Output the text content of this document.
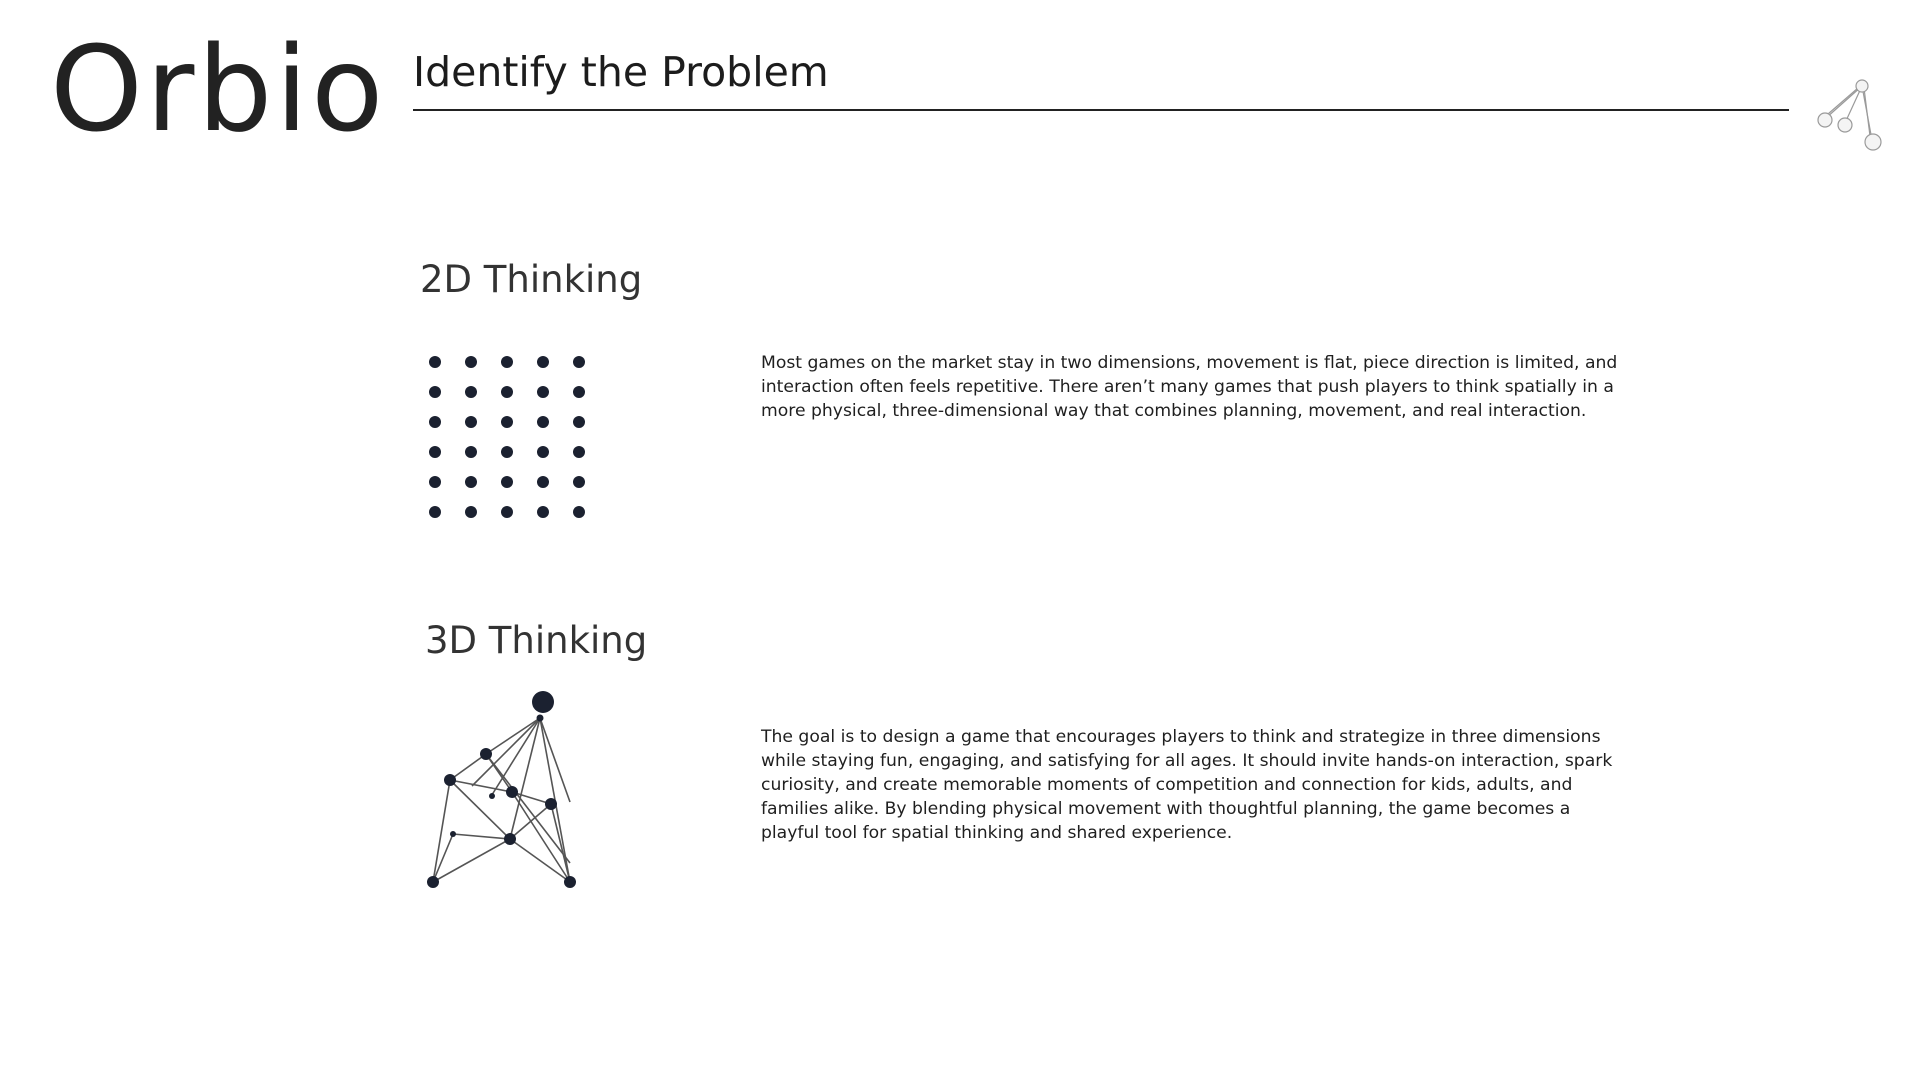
Orbio Identify the Problem
2D Thinking

Most games on the market stay in two dimensions, movement is flat, piece direction is limited, and interaction often feels repetitive. There aren’t many games that push players to think spatially in a more physical, three-dimensional way that combines planning, movement, and real interaction.

3D Thinking

The goal is to design a game that encourages players to think and strategize in three dimensions while staying fun, engaging, and satisfying for all ages. It should invite hands-on interaction, spark curiosity, and create memorable moments of competition and connection for kids, adults, and families alike. By blending physical movement with thoughtful planning, the game becomes a playful tool for spatial thinking and shared experience.
